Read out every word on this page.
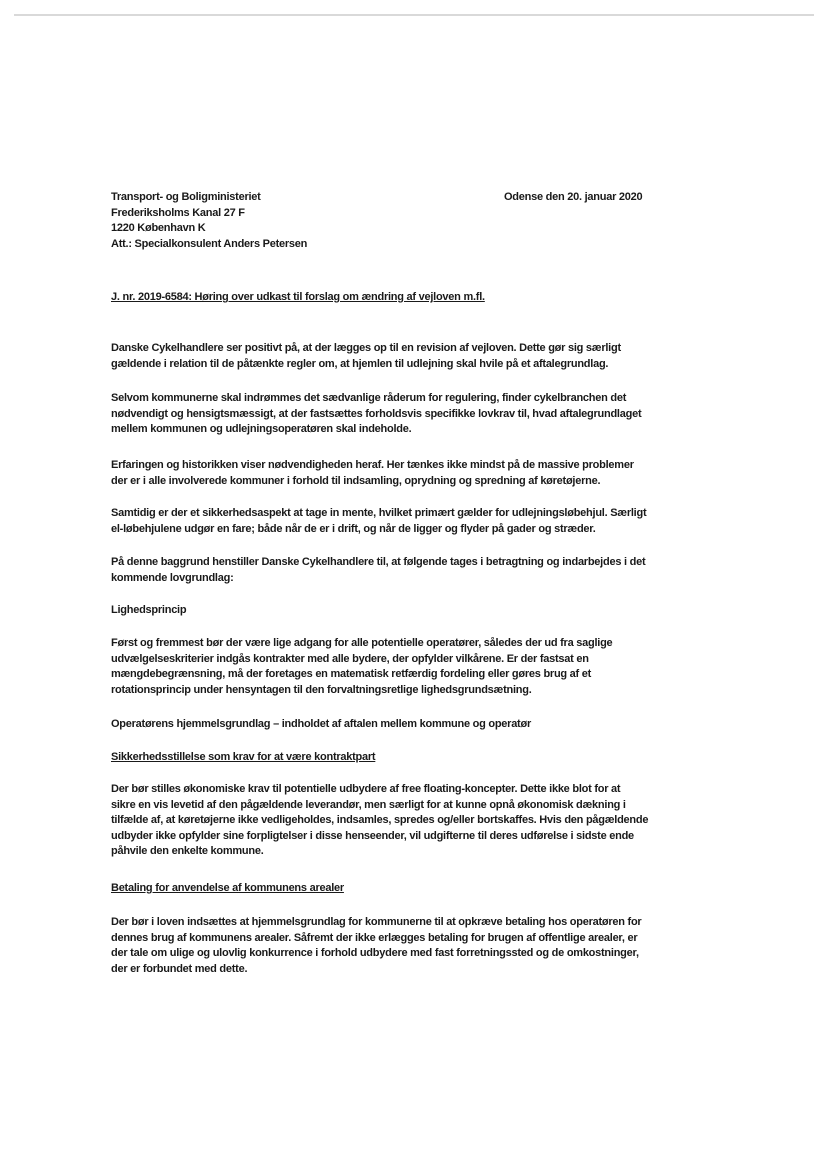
Transport- og Boligministeriet
Frederiksholms Kanal 27 F
1220 København K
Att.: Specialkonsulent Anders Petersen
Odense den 20. januar 2020
J. nr. 2019-6584: Høring over udkast til forslag om ændring af vejloven m.fl.
Danske Cykelhandlere ser positivt på, at der lægges op til en revision af vejloven. Dette gør sig særligt
gældende i relation til de påtænkte regler om, at hjemlen til udlejning skal hvile på et aftalegrundlag.
Selvom kommunerne skal indrømmes det sædvanlige råderum for regulering, finder cykelbranchen det
nødvendigt og hensigtsmæssigt, at der fastsættes forholdsvis specifikke lovkrav til, hvad aftalegrundlaget
mellem kommunen og udlejningsoperatøren skal indeholde.
Erfaringen og historikken viser nødvendigheden heraf. Her tænkes ikke mindst på de massive problemer
der er i alle involverede kommuner i forhold til indsamling, oprydning og spredning af køretøjerne.
Samtidig er der et sikkerhedsaspekt at tage in mente, hvilket primært gælder for udlejningsløbehjul. Særligt
el-løbehjulene udgør en fare; både når de er i drift, og når de ligger og flyder på gader og stræder.
På denne baggrund henstiller Danske Cykelhandlere til, at følgende tages i betragtning og indarbejdes i det
kommende lovgrundlag:
Lighedsprincip
Først og fremmest bør der være lige adgang for alle potentielle operatører, således der ud fra saglige
udvælgelseskriterier indgås kontrakter med alle bydere, der opfylder vilkårene. Er der fastsat en
mængdebegrænsning, må der foretages en matematisk retfærdig fordeling eller gøres brug af et
rotationsprincip under hensyntagen til den forvaltningsretlige lighedsgrundsætning.
Operatørens hjemmelsgrundlag – indholdet af aftalen mellem kommune og operatør
Sikkerhedsstillelse som krav for at være kontraktpart
Der bør stilles økonomiske krav til potentielle udbydere af free floating-koncepter. Dette ikke blot for at
sikre en vis levetid af den pågældende leverandør, men særligt for at kunne opnå økonomisk dækning i
tilfælde af, at køretøjerne ikke vedligeholdes, indsamles, spredes og/eller bortskaffes. Hvis den pågældende
udbyder ikke opfylder sine forpligtelser i disse henseender, vil udgifterne til deres udførelse i sidste ende
påhvile den enkelte kommune.
Betaling for anvendelse af kommunens arealer
Der bør i loven indsættes at hjemmelsgrundlag for kommunerne til at opkræve betaling hos operatøren for
dennes brug af kommunens arealer. Såfremt der ikke erlægges betaling for brugen af offentlige arealer, er
der tale om ulige og ulovlig konkurrence i forhold udbydere med fast forretningssted og de omkostninger,
der er forbundet med dette.
